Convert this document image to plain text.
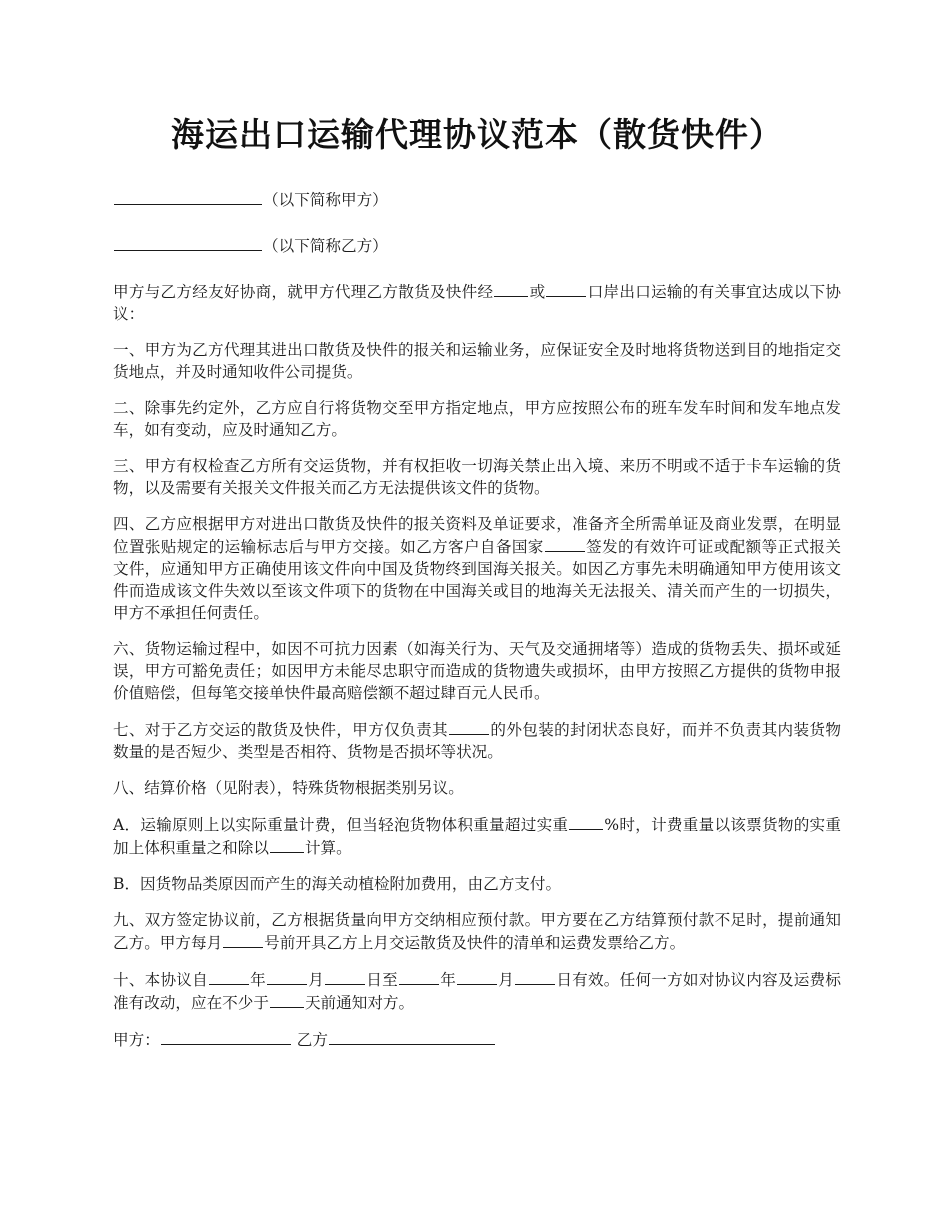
海运出口运输代理协议范本（散货快件）

（以下简称甲方）

（以下简称乙方）

甲方与乙方经友好协商，就甲方代理乙方散货及快件经 或	口岸出口运输的有关事宜达成以下协议：

一、甲方为乙方代理其进出口散货及快件的报关和运输业务，应保证安全及时地将货物送到目的地指定交货地点，并及时通知收件公司提货。

二、除事先约定外，乙方应自行将货物交至甲方指定地点，甲方应按照公布的班车发车时间和发车地点发车，如有变动，应及时通知乙方。

三、甲方有权检查乙方所有交运货物，并有权拒收一切海关禁止出入境、来历不明或不适于卡车运输的货物，以及需要有关报关文件报关而乙方无法提供该文件的货物。

四、乙方应根据甲方对进出口散货及快件的报关资料及单证要求，准备齐全所需单证及商业发票，在明显位置张贴规定的运输标志后与甲方交接。如乙方客户自备国家	签发的有效许可证或配额等正式报关文件，应通知甲方正确使用该文件向中国及货物终到国海关报关。如因乙方事先未明确通知甲方使用该文件而造成该文件失效以至该文件项下的货物在中国海关或目的地海关无法报关、清关而产生的一切损失，甲方不承担任何责任。

六、货物运输过程中，如因不可抗力因素（如海关行为、天气及交通拥堵等）造成的货物丢失、损坏或延误，甲方可豁免责任；如因甲方未能尽忠职守而造成的货物遗失或损坏，由甲方按照乙方提供的货物申报价值赔偿，但每笔交接单快件最高赔偿额不超过肆百元人民币。

七、对于乙方交运的散货及快件，甲方仅负责其	的外包装的封闭状态良好，而并不负责其内装货物数量的是否短少、类型是否相符、货物是否损坏等状况。

八、结算价格（见附表），特殊货物根据类别另议。

A．运输原则上以实际重量计费，但当轻泡货物体积重量超过实重 %时，计费重量以该票货物的实重加上体积重量之和除以 计算。

B．因货物品类原因而产生的海关动植检附加费用，由乙方支付。

九、双方签定协议前，乙方根据货量向甲方交纳相应预付款。甲方要在乙方结算预付款不足时，提前通知乙方。甲方每月	号前开具乙方上月交运散货及快件的清单和运费发票给乙方。

十、本协议自	年	月	日至	年	月	日有效。任何一方如对协议内容及运费标准有改动，应在不少于 天前通知对方。

甲方：	乙方
